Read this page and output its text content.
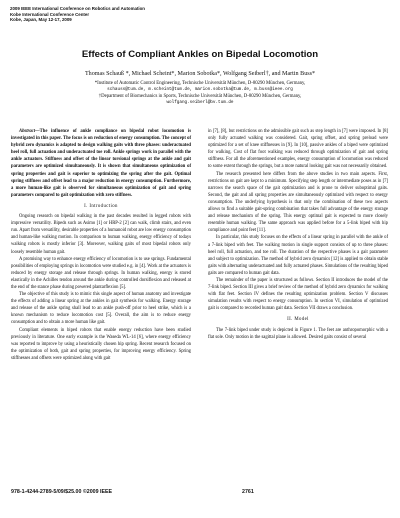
2009 IEEE International Conference on Robotics and Automation
Kobe International Conference Center
Kobe, Japan, May 12-17, 2009
Effects of Compliant Ankles on Bipedal Locomotion
Thomas Schauß *, Michael Scheint*, Marion Sobotka*, Wolfgang Seiberl†, and Martin Buss*
*Institute of Automatic Control Engineering, Technische Universität München, D-80290 München, Germany,
schauss@tum.de, m.scheint@tum.de, marion.sobotka@tum.de, m.buss@ieee.org
†Department of Biomechanics in Sports, Technische Universität München, D-80290 München, Germany,
wolfgang.seiberl@bv.tum.de
Abstract—The influence of ankle compliance on bipedal robot locomotion is investigated in this paper. The focus is on reduction of energy consumption. The concept of hybrid zero dynamics is adapted to design walking gaits with three phases: underactuated heel roll, full actuation and underactuated toe roll. Ankle springs work in parallel with the ankle actuators. Stiffness and offset of the linear torsional springs at the ankle and gait parameters are optimized simultaneously. It is shown that simultaneous optimization of spring properties and gait is superior to optimizing the spring after the gait. Optimal spring stiffness and offset lead to a major reduction in energy consumption. Furthermore, a more human-like gait is observed for simultaneous optimization of gait and spring parameters compared to gait optimization with zero stiffness.
I. Introduction

Ongoing research on bipedal walking in the past decades resulted in legged robots with impressive versatility. Bipeds such as Asimo [1] or HRP-2 [2] can walk, climb stairs, and even run. Apart from versatility, desirable properties of a humanoid robot are low energy consumption and human-like walking motion. In comparison to human walking, energy efficiency of todays walking robots is mostly inferior [3]. Moreover, walking gaits of most bipedal robots only loosely resemble human gait.

A promising way to enhance energy efficiency of locomotion is to use springs. Fundamental possibilities of employing springs in locomotion were studied e.g. in [4]. Work at the actuators is reduced by energy storage and release through springs. In human walking, energy is stored elastically in the Achilles tendon around the ankle during controlled dorsiflexion and released at the end of the stance phase during powered plantarflexion [5].

The objective of this study is to mimic this single aspect of human anatomy and investigate the effects of adding a linear spring at the ankles in gait synthesis for walking. Energy storage and release of the ankle spring shall lead to an ankle push-off prior to heel strike, which is a known mechanism to reduce locomotion cost [5]. Overall, the aim is to reduce energy consumption and to obtain a more human like gait.

Compliant elements in biped robots that enable energy reduction have been studied previously in literature. One early example is the Waseda WL-14 [6], where energy efficiency was reported to improve by using a heuristically chosen hip spring. Recent research focused on the optimization of both, gait and spring properties, for improving energy efficiency. Spring stiffnesses and offsets were optimized along with gait

in [7], [8], but restrictions on the admissible gait such as step length in [7] were imposed. In [8] only fully actuated walking was considered. Gait, spring offset, and spring preload were optimized for a set of knee stiffnesses in [9]. In [10], passive ankles of a biped were optimized for walking. Cost of flat foot walking was reduced through optimization of gait and spring stiffness. For all the aforementioned examples, energy consumption of locomotion was reduced to some extent through the springs, but a more natural looking gait was not necessarily obtained.

The research presented here differs from the above studies in two main aspects. First, restrictions on gait are kept to a minimum. Specifying step length or intermediate poses as in [7] narrows the search space of the gait optimization and is prone to deliver suboptimal gaits. Second, the gait and all spring properties are simultaneously optimized with respect to energy consumption. The underlying hypothesis is that only the combination of these two aspects allows to find a suitable gait-spring combination that takes full advantage of the energy storage and release mechanism of the spring. This energy optimal gait is expected to more closely resemble human walking. The same approach was applied before for a 5-link biped with hip compliance and point feet [11].

In particular, this study focuses on the effects of a linear spring in parallel with the ankle of a 7-link biped with feet. The walking motion in single support consists of up to three phases: heel roll, full actuation, and toe roll. The duration of the respective phases is a gait parameter and subject to optimization. The method of hybrid zero dynamics [12] is applied to obtain stable gaits with alternating underactuated and fully actuated phases. Simulations of the resulting biped gaits are compared to human gait data.

The remainder of the paper is structured as follows. Section II introduces the model of the 7-link biped. Section III gives a brief review of the method of hybrid zero dynamics for walking with flat feet. Section IV defines the resulting optimization problem. Section V discusses simulation results with respect to energy consumption. In section VI, simulation of optimized gait is compared to recorded human gait data. Section VII draws a conclusion.

II. Model

The 7-link biped under study is depicted in Figure 1. The feet are anthropomorphic with a flat sole. Only motion in the sagittal plane is allowed. Desired gaits consist of several

978-1-4244-2789-5/09/$25.00 ©2009 IEEE	2761
